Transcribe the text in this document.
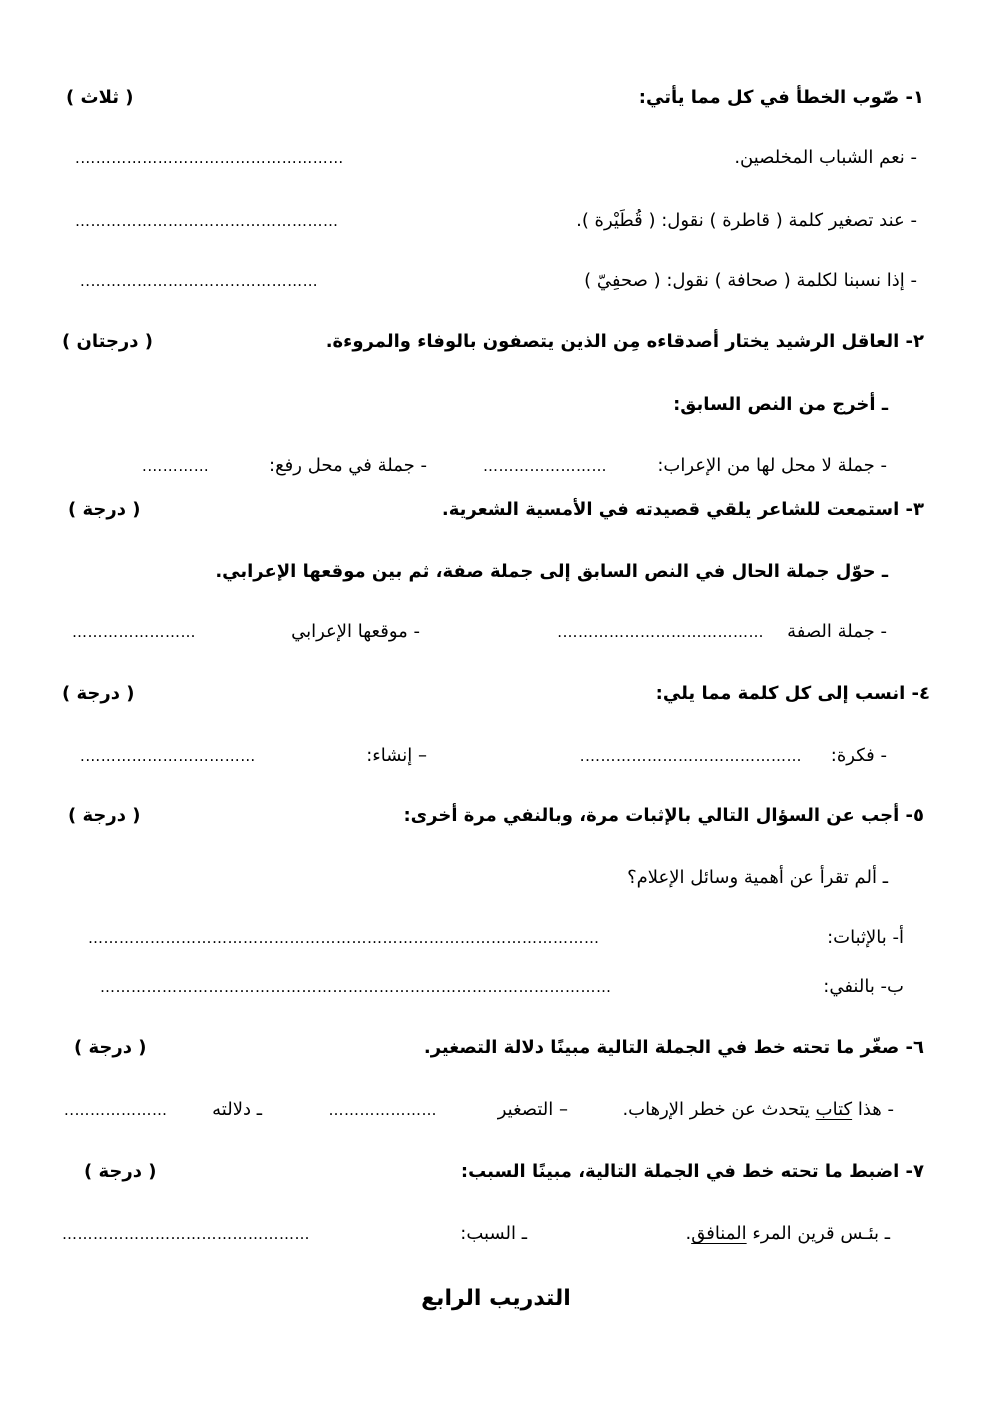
١- صّوب الخطأ في كل مما يأتي:
( ثلاث )
- نعم الشباب المخلصين.
…………………………………………….
- عند تصغير كلمة ( قاطرة ) نقول: ( قُطَيْرة ).
……………………………………………
- إذا نسبنا لكلمة ( صحافة ) نقول: ( صحفِيّ )
……………..………………………..
٢- العاقل الرشيد يختار أصدقاءه مِن الذين يتصفون بالوفاء والمروءة.
( درجتان )
ـ أخرج من النص السابق:
- جملة لا محل لها من الإعراب:
……………………
- جملة في محل رفع:
………….
٣- استمعت للشاعر يلقي قصيدته في الأمسية الشعرية.
( درجة )
ـ حوّل جملة الحال في النص السابق إلى جملة صفة، ثم بين موقعها الإعرابي.
- جملة الصفة
………………………………….
- موقعها الإعرابي
……………………
٤- انسب إلى كل كلمة مما يلي:
( درجة )
- فكرة:
…………………………………….
– إنشاء:
…………………………….
٥- أجب عن السؤال التالي بالإثبات مرة، وبالنفي مرة أخرى:
( درجة )
ـ ألم تقرأ عن أهمية وسائل الإعلام؟
أ- بالإثبات:
………………………………………………………………………………………
ب- بالنفي:
………………………………………………………………………………………
٦- صغّر ما تحته خط في الجملة التالية مبينًا دلالة التصغير.
( درجة )
- هذا كتاب يتحدث عن خطر الإرهاب.
– التصغير
…………………
ـ دلالته
………………..
٧- اضبط ما تحته خط في الجملة التالية، مبينًا السبب:
( درجة )
ـ بئـس قرين المرء المنافق.
ـ السبب:
…………………………………………
التدريب الرابع
